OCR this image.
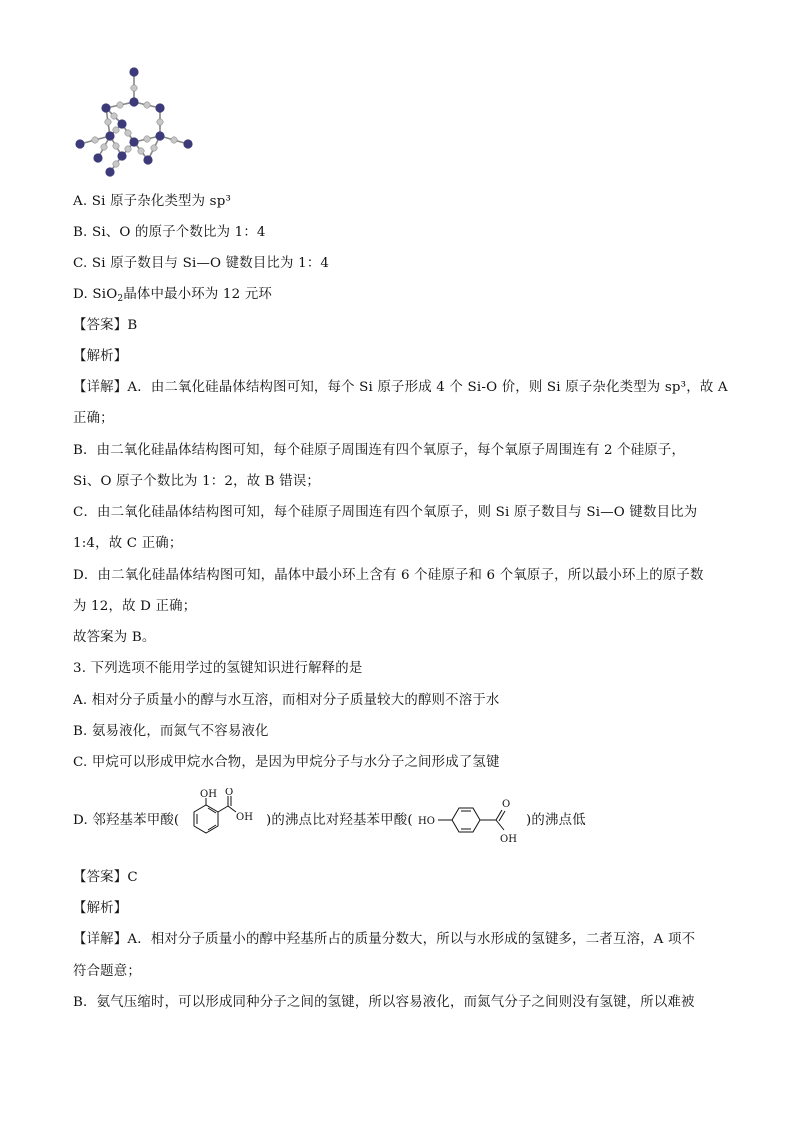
A. Si 原子杂化类型为 sp³
B. Si、O 的原子个数比为 1：4
C. Si 原子数目与 Si—O 键数目比为 1：4
D. SiO$_2$晶体中最小环为 12 元环
【答案】B
【解析】
【详解】A．由二氧化硅晶体结构图可知，每个 Si 原子形成 4 个 Si-O 价，则 Si 原子杂化类型为 sp³，故 A
正确；
B．由二氧化硅晶体结构图可知，每个硅原子周围连有四个氧原子，每个氧原子周围连有 2 个硅原子，
Si、O 原子个数比为 1：2，故 B 错误；
C．由二氧化硅晶体结构图可知，每个硅原子周围连有四个氧原子，则 Si 原子数目与 Si—O 键数目比为
1:4，故 C 正确；
D．由二氧化硅晶体结构图可知，晶体中最小环上含有 6 个硅原子和 6 个氧原子，所以最小环上的原子数
为 12，故 D 正确；
故答案为 B。
3. 下列选项不能用学过的氢键知识进行解释的是
A. 相对分子质量小的醇与水互溶，而相对分子质量较大的醇则不溶于水
B. 氨易液化，而氮气不容易液化
C. 甲烷可以形成甲烷水合物，是因为甲烷分子与水分子之间形成了氢键
D. 邻羟基苯甲酸(	)的沸点比对羟基苯甲酸(	)的沸点低
OH O
OH	HO
O
OH
【答案】C
【解析】
【详解】A．相对分子质量小的醇中羟基所占的质量分数大，所以与水形成的氢键多，二者互溶，A 项不
符合题意；
B．氨气压缩时，可以形成同种分子之间的氢键，所以容易液化，而氮气分子之间则没有氢键，所以难被
